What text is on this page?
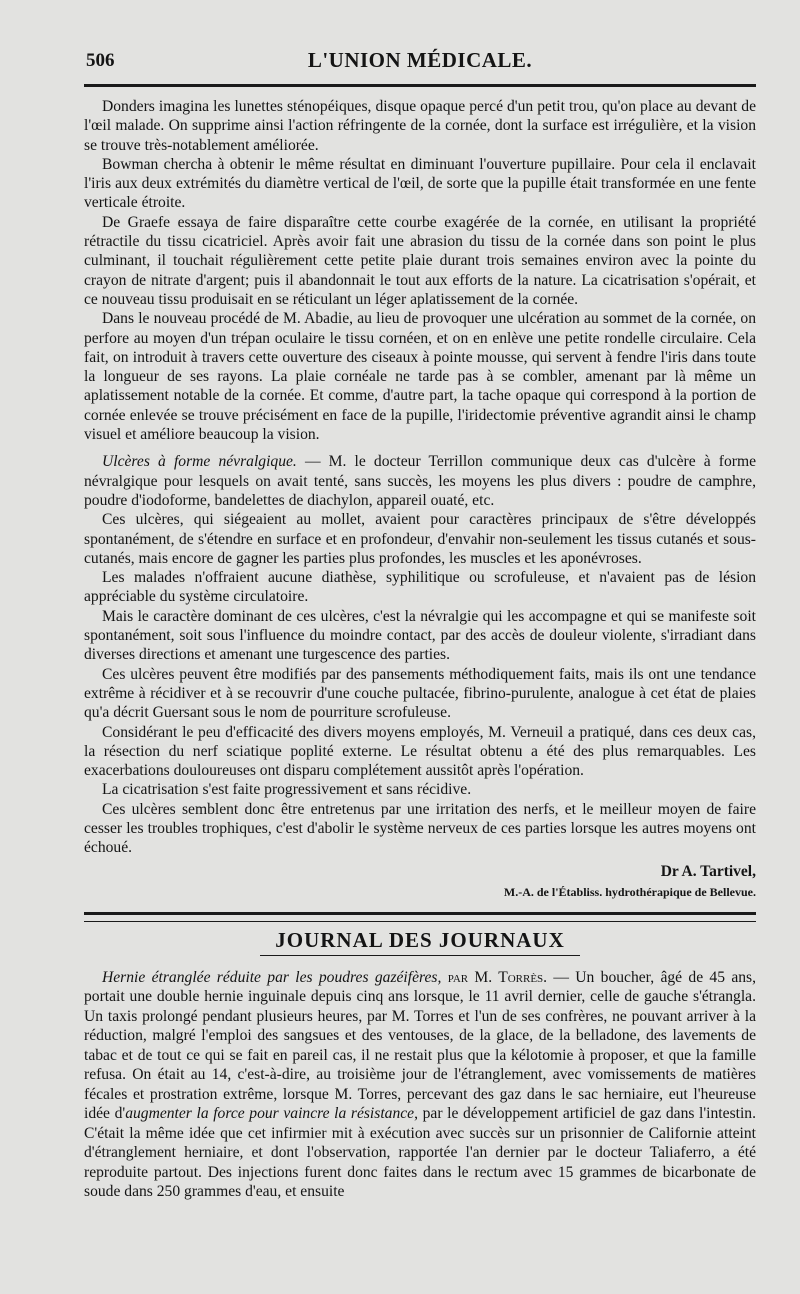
506	L'UNION MÉDICALE.

Donders imagina les lunettes sténopéiques, disque opaque percé d'un petit trou, qu'on place au devant de l'œil malade. On supprime ainsi l'action réfringente de la cornée, dont la surface est irrégulière, et la vision se trouve très-notablement améliorée.

Bowman chercha à obtenir le même résultat en diminuant l'ouverture pupillaire. Pour cela il enclavait l'iris aux deux extrémités du diamètre vertical de l'œil, de sorte que la pupille était transformée en une fente verticale étroite.

De Graefe essaya de faire disparaître cette courbe exagérée de la cornée, en utilisant la propriété rétractile du tissu cicatriciel. Après avoir fait une abrasion du tissu de la cornée dans son point le plus culminant, il touchait régulièrement cette petite plaie durant trois semaines environ avec la pointe du crayon de nitrate d'argent; puis il abandonnait le tout aux efforts de la nature. La cicatrisation s'opérait, et ce nouveau tissu produisait en se réticulant un léger aplatissement de la cornée.

Dans le nouveau procédé de M. Abadie, au lieu de provoquer une ulcération au sommet de la cornée, on perfore au moyen d'un trépan oculaire le tissu cornéen, et on en enlève une petite rondelle circulaire. Cela fait, on introduit à travers cette ouverture des ciseaux à pointe mousse, qui servent à fendre l'iris dans toute la longueur de ses rayons. La plaie cornéale ne tarde pas à se combler, amenant par là même un aplatissement notable de la cornée. Et comme, d'autre part, la tache opaque qui correspond à la portion de cornée enlevée se trouve précisément en face de la pupille, l'iridectomie préventive agrandit ainsi le champ visuel et améliore beaucoup la vision.

Ulcères à forme névralgique. — M. le docteur Terrillon communique deux cas d'ulcère à forme névralgique pour lesquels on avait tenté, sans succès, les moyens les plus divers : poudre de camphre, poudre d'iodoforme, bandelettes de diachylon, appareil ouaté, etc.

Ces ulcères, qui siégeaient au mollet, avaient pour caractères principaux de s'être développés spontanément, de s'étendre en surface et en profondeur, d'envahir non-seulement les tissus cutanés et sous-cutanés, mais encore de gagner les parties plus profondes, les muscles et les aponévroses.

Les malades n'offraient aucune diathèse, syphilitique ou scrofuleuse, et n'avaient pas de lésion appréciable du système circulatoire.

Mais le caractère dominant de ces ulcères, c'est la névralgie qui les accompagne et qui se manifeste soit spontanément, soit sous l'influence du moindre contact, par des accès de douleur violente, s'irradiant dans diverses directions et amenant une turgescence des parties.

Ces ulcères peuvent être modifiés par des pansements méthodiquement faits, mais ils ont une tendance extrême à récidiver et à se recouvrir d'une couche pultacée, fibrino-purulente, analogue à cet état de plaies qu'a décrit Guersant sous le nom de pourriture scrofuleuse.

Considérant le peu d'efficacité des divers moyens employés, M. Verneuil a pratiqué, dans ces deux cas, la résection du nerf sciatique poplité externe. Le résultat obtenu a été des plus remarquables. Les exacerbations douloureuses ont disparu complétement aussitôt après l'opération.

La cicatrisation s'est faite progressivement et sans récidive.

Ces ulcères semblent donc être entretenus par une irritation des nerfs, et le meilleur moyen de faire cesser les troubles trophiques, c'est d'abolir le système nerveux de ces parties lorsque les autres moyens ont échoué.

Dr A. Tartivel,
M.-A. de l'Établiss. hydrothérapique de Bellevue.
JOURNAL DES JOURNAUX

Hernie étranglée réduite par les poudres gazéifères, par M. Torrès. — Un boucher, âgé de 45 ans, portait une double hernie inguinale depuis cinq ans lorsque, le 11 avril dernier, celle de gauche s'étrangla. Un taxis prolongé pendant plusieurs heures, par M. Torres et l'un de ses confrères, ne pouvant arriver à la réduction, malgré l'emploi des sangsues et des ventouses, de la glace, de la belladone, des lavements de tabac et de tout ce qui se fait en pareil cas, il ne restait plus que la kélotomie à proposer, et que la famille refusa. On était au 14, c'est-à-dire, au troisième jour de l'étranglement, avec vomissements de matières fécales et prostration extrême, lorsque M. Torres, percevant des gaz dans le sac herniaire, eut l'heureuse idée d'augmenter la force pour vaincre la résistance, par le développement artificiel de gaz dans l'intestin. C'était la même idée que cet infirmier mit à exécution avec succès sur un prisonnier de Californie atteint d'étranglement herniaire, et dont l'observation, rapportée l'an dernier par le docteur Taliaferro, a été reproduite partout. Des injections furent donc faites dans le rectum avec 15 grammes de bicarbonate de soude dans 250 grammes d'eau, et ensuite
